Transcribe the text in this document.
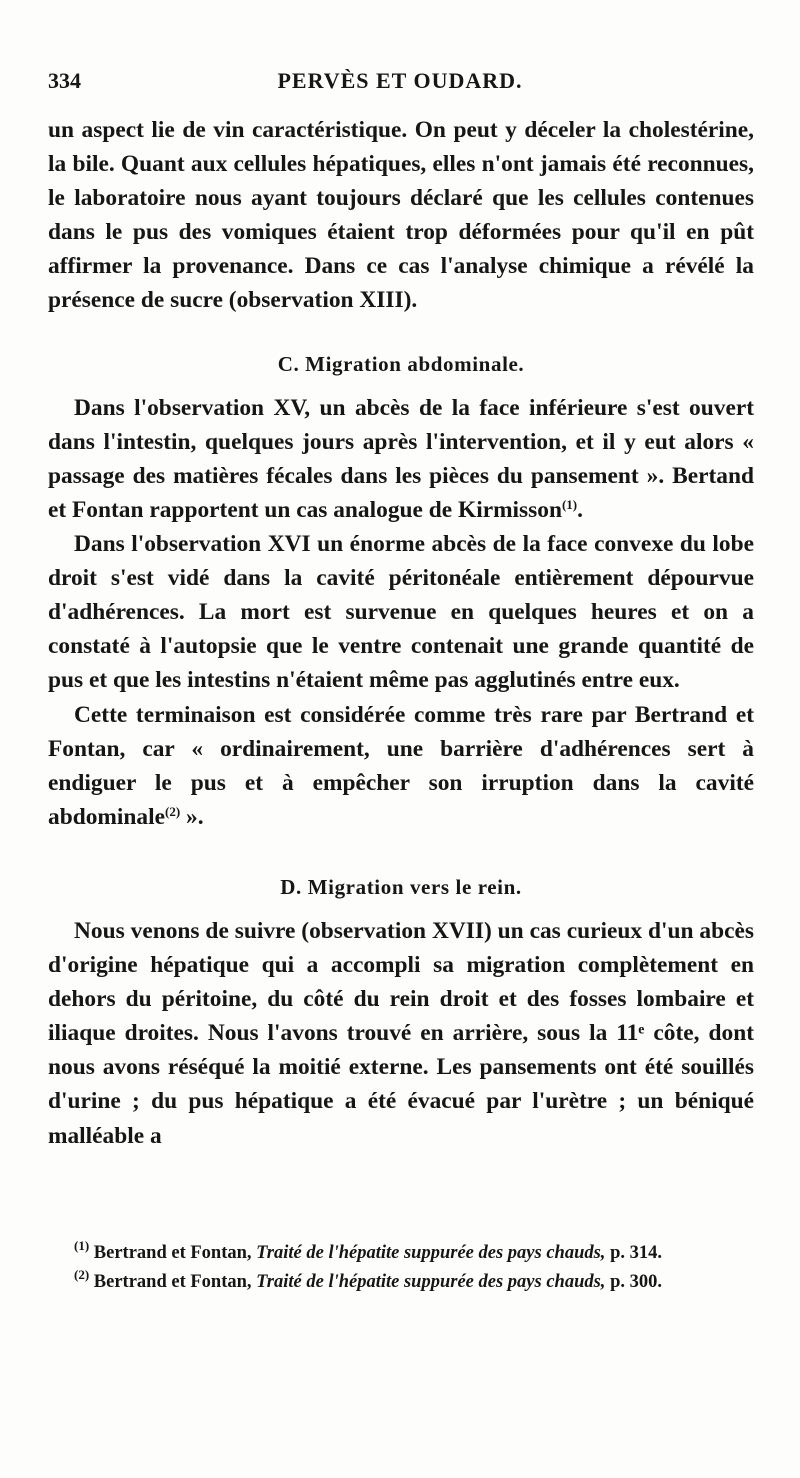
334	PERVÈS ET OUDARD.

un aspect lie de vin caractéristique. On peut y déceler la cholestérine, la bile. Quant aux cellules hépatiques, elles n'ont jamais été reconnues, le laboratoire nous ayant toujours déclaré que les cellules contenues dans le pus des vomiques étaient trop déformées pour qu'il en pût affirmer la provenance. Dans ce cas l'analyse chimique a révélé la présence de sucre (observation XIII).

C. Migration abdominale.

Dans l'observation XV, un abcès de la face inférieure s'est ouvert dans l'intestin, quelques jours après l'intervention, et il y eut alors « passage des matières fécales dans les pièces du pansement ». Bertand et Fontan rapportent un cas analogue de Kirmisson$^{(1)}$.

Dans l'observation XVI un énorme abcès de la face convexe du lobe droit s'est vidé dans la cavité péritonéale entièrement dépourvue d'adhérences. La mort est survenue en quelques heures et on a constaté à l'autopsie que le ventre contenait une grande quantité de pus et que les intestins n'étaient même pas agglutinés entre eux.

Cette terminaison est considérée comme très rare par Bertrand et Fontan, car « ordinairement, une barrière d'adhérences sert à endiguer le pus et à empêcher son irruption dans la cavité abdominale$^{(2)}$ ».

D. Migration vers le rein.

Nous venons de suivre (observation XVII) un cas curieux d'un abcès d'origine hépatique qui a accompli sa migration complètement en dehors du péritoine, du côté du rein droit et des fosses lombaire et iliaque droites. Nous l'avons trouvé en arrière, sous la 11ᵉ côte, dont nous avons réséqué la moitié externe. Les pansements ont été souillés d'urine ; du pus hépatique a été évacué par l'urètre ; un béniqué malléable a

$^{(1)}$ Bertrand et Fontan, Traité de l'hépatite suppurée des pays chauds, p. 314.

$^{(2)}$ Bertrand et Fontan, Traité de l'hépatite suppurée des pays chauds, p. 300.
